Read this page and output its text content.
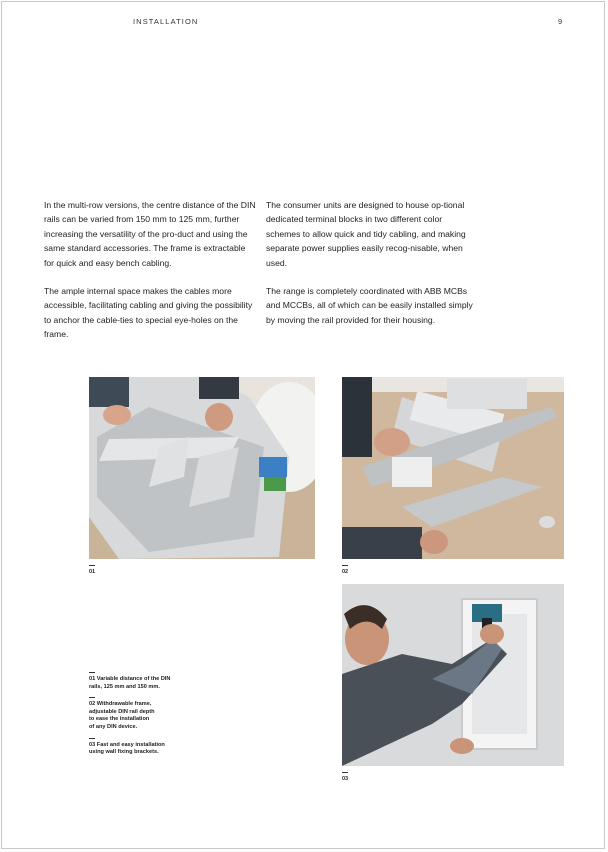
INSTALLATION	9

In the multi-row versions, the centre distance of the DIN rails can be varied from 150 mm to 125 mm, further increasing the versatility of the pro-duct and using the same standard accessories. The frame is extractable for quick and easy bench cabling.

The ample internal space makes the cables more accessible, facilitating cabling and giving the possibility to anchor the cable-ties to special eye-holes on the frame.

The consumer units are designed to house op-tional dedicated terminal blocks in two different color schemes to allow quick and tidy cabling, and making separate power supplies easily recog-nisable, when used.

The range is completely coordinated with ABB MCBs and MCCBs, all of which can be easily installed simply by moving the rail provided for their housing.

01	02
03
01 Variable distance of the DIN
rails, 125 mm and 150 mm.
02 Withdrawable frame,
adjustable DIN rail depth
to ease the installation
of any DIN device.
03 Fast and easy installation
using wall fixing brackets.
